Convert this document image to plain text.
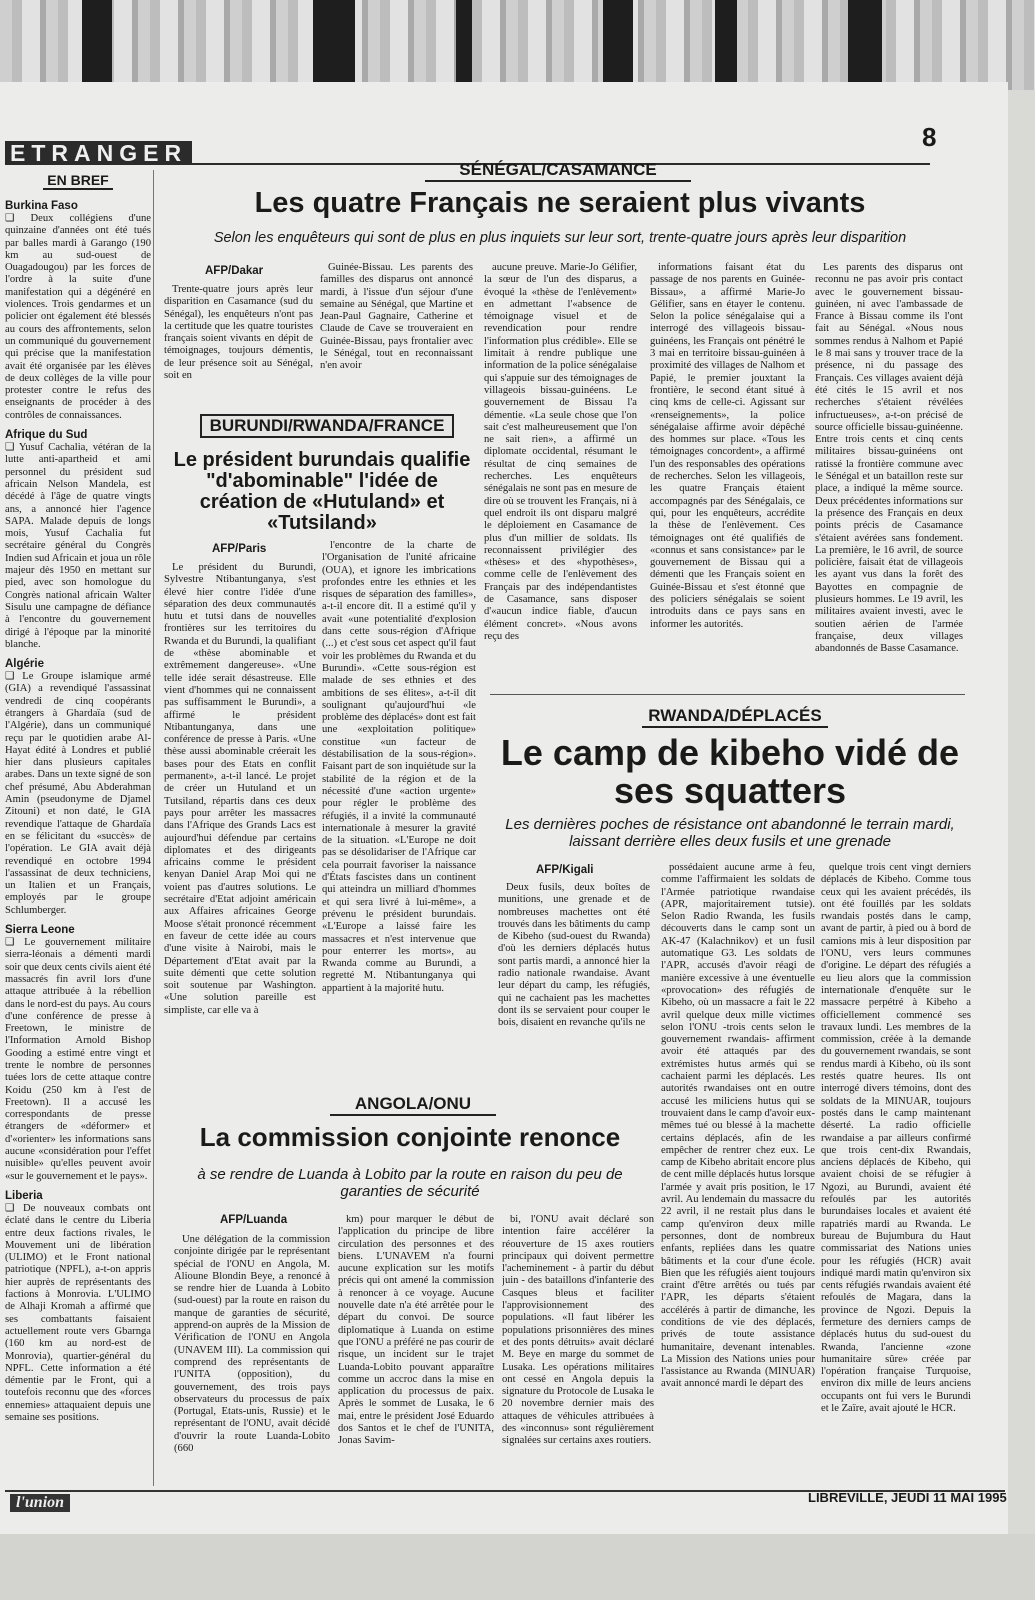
ETRANGER
8
EN BREF
Burkina Faso

❑ Deux collégiens d'une quinzaine d'années ont été tués par balles mardi à Garango (190 km au sud-ouest de Ouagadougou) par les forces de l'ordre à la suite d'une manifestation qui a dégénéré en violences. Trois gendarmes et un policier ont également été blessés au cours des affrontements, selon un communiqué du gouvernement qui précise que la manifestation avait été organisée par les élèves de deux collèges de la ville pour protester contre le refus des enseignants de procéder à des contrôles de connaissances.

Afrique du Sud

❑ Yusuf Cachalia, vétéran de la lutte anti-apartheid et ami personnel du président sud africain Nelson Mandela, est décédé à l'âge de quatre vingts ans, a annoncé hier l'agence SAPA. Malade depuis de longs mois, Yusuf Cachalia fut secrétaire général du Congrès Indien sud Africain et joua un rôle majeur dès 1950 en mettant sur pied, avec son homologue du Congrès national africain Walter Sisulu une campagne de défiance à l'encontre du gouvernement dirigé à l'époque par la minorité blanche.

Algérie

❑ Le Groupe islamique armé (GIA) a revendiqué l'assassinat vendredi de cinq coopérants étrangers à Ghardaïa (sud de l'Algérie), dans un communiqué reçu par le quotidien arabe Al-Hayat édité à Londres et publié hier dans plusieurs capitales arabes. Dans un texte signé de son chef présumé, Abu Abderahman Amin (pseudonyme de Djamel Zitouni) et non daté, le GIA revendique l'attaque de Ghardaïa en se félicitant du «succès» de l'opération. Le GIA avait déjà revendiqué en octobre 1994 l'assassinat de deux techniciens, un Italien et un Français, employés par le groupe Schlumberger.

Sierra Leone

❑ Le gouvernement militaire sierra-léonais a démenti mardi soir que deux cents civils aient été massacrés fin avril lors d'une attaque attribuée à la rébellion dans le nord-est du pays. Au cours d'une conférence de presse à Freetown, le ministre de l'Information Arnold Bishop Gooding a estimé entre vingt et trente le nombre de personnes tuées lors de cette attaque contre Koidu (250 km à l'est de Freetown). Il a accusé les correspondants de presse étrangers de «déformer» et d'«orienter» les informations sans aucune «considération pour l'effet nuisible» qu'elles peuvent avoir «sur le gouvernement et le pays».

Liberia

❑ De nouveaux combats ont éclaté dans le centre du Liberia entre deux factions rivales, le Mouvement uni de libération (ULIMO) et le Front national patriotique (NPFL), a-t-on appris hier auprès de représentants des factions à Monrovia. L'ULIMO de Alhaji Kromah a affirmé que ses combattants faisaient actuellement route vers Gbarnga (160 km au nord-est de Monrovia), quartier-général du NPFL. Cette information a été démentie par le Front, qui a toutefois reconnu que des «forces ennemies» attaquaient depuis une semaine ses positions.

SÉNÉGAL/CASAMANCE
Les quatre Français ne seraient plus vivants
Selon les enquêteurs qui sont de plus en plus inquiets sur leur sort, trente-quatre jours après leur disparition
AFP/Dakar

Trente-quatre jours après leur disparition en Casamance (sud du Sénégal), les enquêteurs n'ont pas la certitude que les quatre touristes français soient vivants en dépit de témoignages, toujours démentis, de leur présence soit au Sénégal, soit en

Guinée-Bissau. Les parents des familles des disparus ont annoncé mardi, à l'issue d'un séjour d'une semaine au Sénégal, que Martine et Jean-Paul Gagnaire, Catherine et Claude de Cave se trouveraient en Guinée-Bissau, pays frontalier avec le Sénégal, tout en reconnaissant n'en avoir

aucune preuve. Marie-Jo Gélifier, la sœur de l'un des disparus, a évoqué la «thèse de l'enlèvement» en admettant l'«absence de témoignage visuel et de revendication pour rendre l'information plus crédible». Elle se limitait à rendre publique une information de la police sénégalaise qui s'appuie sur des témoignages de villageois bissau-guinéens. Le gouvernement de Bissau l'a démentie. «La seule chose que l'on sait c'est malheureusement que l'on ne sait rien», a affirmé un diplomate occidental, résumant le résultat de cinq semaines de recherches. Les enquêteurs sénégalais ne sont pas en mesure de dire où se trouvent les Français, ni à quel endroit ils ont disparu malgré le déploiement en Casamance de plus d'un millier de soldats. Ils reconnaissent privilégier des «thèses» et des «hypothèses», comme celle de l'enlèvement des Français par des indépendantistes de Casamance, sans disposer d'«aucun indice fiable, d'aucun élément concret». «Nous avons reçu des

informations faisant état du passage de nos parents en Guinée-Bissau», a affirmé Marie-Jo Gélifier, sans en étayer le contenu. Selon la police sénégalaise qui a interrogé des villageois bissau-guinéens, les Français ont pénétré le 3 mai en territoire bissau-guinéen à proximité des villages de Nalhom et Papié, le premier jouxtant la frontière, le second étant situé à cinq kms de celle-ci. Agissant sur «renseignements», la police sénégalaise affirme avoir dépêché des hommes sur place. «Tous les témoignages concordent», a affirmé l'un des responsables des opérations de recherches. Selon les villageois, les quatre Français étaient accompagnés par des Sénégalais, ce qui, pour les enquêteurs, accrédite la thèse de l'enlèvement. Ces témoignages ont été qualifiés de «connus et sans consistance» par le gouvernement de Bissau qui a démenti que les Français soient en Guinée-Bissau et s'est étonné que des policiers sénégalais se soient introduits dans ce pays sans en informer les autorités.

Les parents des disparus ont reconnu ne pas avoir pris contact avec le gouvernement bissau-guinéen, ni avec l'ambassade de France à Bissau comme ils l'ont fait au Sénégal. «Nous nous sommes rendus à Nalhom et Papié le 8 mai sans y trouver trace de la présence, ni du passage des Français. Ces villages avaient déjà été cités le 15 avril et nos recherches s'étaient révélées infructueuses», a-t-on précisé de source officielle bissau-guinéenne. Entre trois cents et cinq cents militaires bissau-guinéens ont ratissé la frontière commune avec le Sénégal et un bataillon reste sur place, a indiqué la même source. Deux précédentes informations sur la présence des Français en deux points précis de Casamance s'étaient avérées sans fondement. La première, le 16 avril, de source policière, faisait état de villageois les ayant vus dans la forêt des Bayottes en compagnie de plusieurs hommes. Le 19 avril, les militaires avaient investi, avec le soutien aérien de l'armée française, deux villages abandonnés de Basse Casamance.

BURUNDI/RWANDA/FRANCE
Le président burundais qualifie "d'abominable" l'idée de création de «Hutuland» et «Tutsiland»
AFP/Paris

Le président du Burundi, Sylvestre Ntibantunganya, s'est élevé hier contre l'idée d'une séparation des deux communautés hutu et tutsi dans de nouvelles frontières sur les territoires du Rwanda et du Burundi, la qualifiant de «thèse abominable et extrêmement dangereuse». «Une telle idée serait désastreuse. Elle vient d'hommes qui ne connaissent pas suffisamment le Burundi», a affirmé le président Ntibantunganya, dans une conférence de presse à Paris. «Une thèse aussi abominable créerait les bases pour des Etats en conflit permanent», a-t-il lancé. Le projet de créer un Hutuland et un Tutsiland, répartis dans ces deux pays pour arrêter les massacres dans l'Afrique des Grands Lacs est aujourd'hui défendue par certains diplomates et des dirigeants africains comme le président kenyan Daniel Arap Moi qui ne voient pas d'autres solutions. Le secrétaire d'Etat adjoint américain aux Affaires africaines George Moose s'était prononcé récemment en faveur de cette idée au cours d'une visite à Nairobi, mais le Département d'Etat avait par la suite démenti que cette solution soit soutenue par Washington. «Une solution pareille est simpliste, car elle va à

l'encontre de la charte de l'Organisation de l'unité africaine (OUA), et ignore les imbrications profondes entre les ethnies et les risques de séparation des familles», a-t-il encore dit. Il a estimé qu'il y avait «une potentialité d'explosion dans cette sous-région d'Afrique (...) et c'est sous cet aspect qu'il faut voir les problèmes du Rwanda et du Burundi». «Cette sous-région est malade de ses ethnies et des ambitions de ses élites», a-t-il dit soulignant qu'aujourd'hui «le problème des déplacés» dont est fait une «exploitation politique» constitue «un facteur de déstabilisation de la sous-région». Faisant part de son inquiétude sur la stabilité de la région et de la nécessité d'une «action urgente» pour régler le problème des réfugiés, il a invité la communauté internationale à mesurer la gravité de la situation. «L'Europe ne doit pas se désolidariser de l'Afrique car cela pourrait favoriser la naissance d'États fascistes dans un continent qui atteindra un milliard d'hommes et qui sera livré à lui-même», a prévenu le président burundais. «L'Europe a laissé faire les massacres et n'est intervenue que pour enterrer les morts», au Rwanda comme au Burundi, a regretté M. Ntibantunganya qui appartient à la majorité hutu.

RWANDA/DÉPLACÉS
Le camp de kibeho vidé de ses squatters
Les dernières poches de résistance ont abandonné le terrain mardi, laissant derrière elles deux fusils et une grenade
AFP/Kigali

Deux fusils, deux boîtes de munitions, une grenade et de nombreuses machettes ont été trouvés dans les bâtiments du camp de Kibeho (sud-ouest du Rwanda) d'où les derniers déplacés hutus sont partis mardi, a annoncé hier la radio nationale rwandaise. Avant leur départ du camp, les réfugiés, qui ne cachaient pas les machettes dont ils se servaient pour couper le bois, disaient en revanche qu'ils ne

possédaient aucune arme à feu, comme l'affirmaient les soldats de l'Armée patriotique rwandaise (APR, majoritairement tutsie). Selon Radio Rwanda, les fusils découverts dans le camp sont un AK-47 (Kalachnikov) et un fusil automatique G3. Les soldats de l'APR, accusés d'avoir réagi de manière excessive à une éventuelle «provocation» des réfugiés de Kibeho, où un massacre a fait le 22 avril quelque deux mille victimes selon l'ONU -trois cents selon le gouvernement rwandais- affirment avoir été attaqués par des extrémistes hutus armés qui se cachaient parmi les déplacés. Les autorités rwandaises ont en outre accusé les miliciens hutus qui se trouvaient dans le camp d'avoir eux-mêmes tué ou blessé à la machette certains déplacés, afin de les empêcher de rentrer chez eux. Le camp de Kibeho abritait encore plus de cent mille déplacés hutus lorsque l'armée y avait pris position, le 17 avril. Au lendemain du massacre du 22 avril, il ne restait plus dans le camp qu'environ deux mille personnes, dont de nombreux enfants, repliées dans les quatre bâtiments et la cour d'une école. Bien que les réfugiés aient toujours craint d'être arrêtés ou tués par l'APR, les départs s'étaient accélérés à partir de dimanche, les conditions de vie des déplacés, privés de toute assistance humanitaire, devenant intenables. La Mission des Nations unies pour l'assistance au Rwanda (MINUAR) avait annoncé mardi le départ des

quelque trois cent vingt derniers déplacés de Kibeho. Comme tous ceux qui les avaient précédés, ils ont été fouillés par les soldats rwandais postés dans le camp, avant de partir, à pied ou à bord de camions mis à leur disposition par l'ONU, vers leurs communes d'origine. Le départ des réfugiés a eu lieu alors que la commission internationale d'enquête sur le massacre perpétré à Kibeho a officiellement commencé ses travaux lundi. Les membres de la commission, créée à la demande du gouvernement rwandais, se sont rendus mardi à Kibeho, où ils sont restés quatre heures. Ils ont interrogé divers témoins, dont des soldats de la MINUAR, toujours postés dans le camp maintenant déserté. La radio officielle rwandaise a par ailleurs confirmé que trois cent-dix Rwandais, anciens déplacés de Kibeho, qui avaient choisi de se réfugier à Ngozi, au Burundi, avaient été refoulés par les autorités burundaises locales et avaient été rapatriés mardi au Rwanda. Le bureau de Bujumbura du Haut commissariat des Nations unies pour les réfugiés (HCR) avait indiqué mardi matin qu'environ six cents réfugiés rwandais avaient été refoulés de Magara, dans la province de Ngozi. Depuis la fermeture des derniers camps de déplacés hutus du sud-ouest du Rwanda, l'ancienne «zone humanitaire sûre» créée par l'opération française Turquoise, environ dix mille de leurs anciens occupants ont fui vers le Burundi et le Zaïre, avait ajouté le HCR.

ANGOLA/ONU
La commission conjointe renonce
à se rendre de Luanda à Lobito par la route en raison du peu de garanties de sécurité
AFP/Luanda

Une délégation de la commission conjointe dirigée par le représentant spécial de l'ONU en Angola, M. Alioune Blondin Beye, a renoncé à se rendre hier de Luanda à Lobito (sud-ouest) par la route en raison du manque de garanties de sécurité, apprend-on auprès de la Mission de Vérification de l'ONU en Angola (UNAVEM III). La commission qui comprend des représentants de l'UNITA (opposition), du gouvernement, des trois pays observateurs du processus de paix (Portugal, Etats-unis, Russie) et le représentant de l'ONU, avait décidé d'ouvrir la route Luanda-Lobito (660

km) pour marquer le début de l'application du principe de libre circulation des personnes et des biens. L'UNAVEM n'a fourni aucune explication sur les motifs précis qui ont amené la commission à renoncer à ce voyage. Aucune nouvelle date n'a été arrêtée pour le départ du convoi. De source diplomatique à Luanda on estime que l'ONU a préféré ne pas courir de risque, un incident sur le trajet Luanda-Lobito pouvant apparaître comme un accroc dans la mise en application du processus de paix. Après le sommet de Lusaka, le 6 mai, entre le président José Eduardo dos Santos et le chef de l'UNITA, Jonas Savim-

bi, l'ONU avait déclaré son intention faire accélérer la réouverture de 15 axes routiers principaux qui doivent permettre l'acheminement - à partir du début juin - des bataillons d'infanterie des Casques bleus et faciliter l'approvisionnement des populations. «Il faut libérer les populations prisonnières des mines et des ponts détruits» avait déclaré M. Beye en marge du sommet de Lusaka. Les opérations militaires ont cessé en Angola depuis la signature du Protocole de Lusaka le 20 novembre dernier mais des attaques de véhicules attribuées à des «inconnus» sont régulièrement signalées sur certains axes routiers.

l'union	LIBREVILLE, JEUDI 11 MAI 1995
